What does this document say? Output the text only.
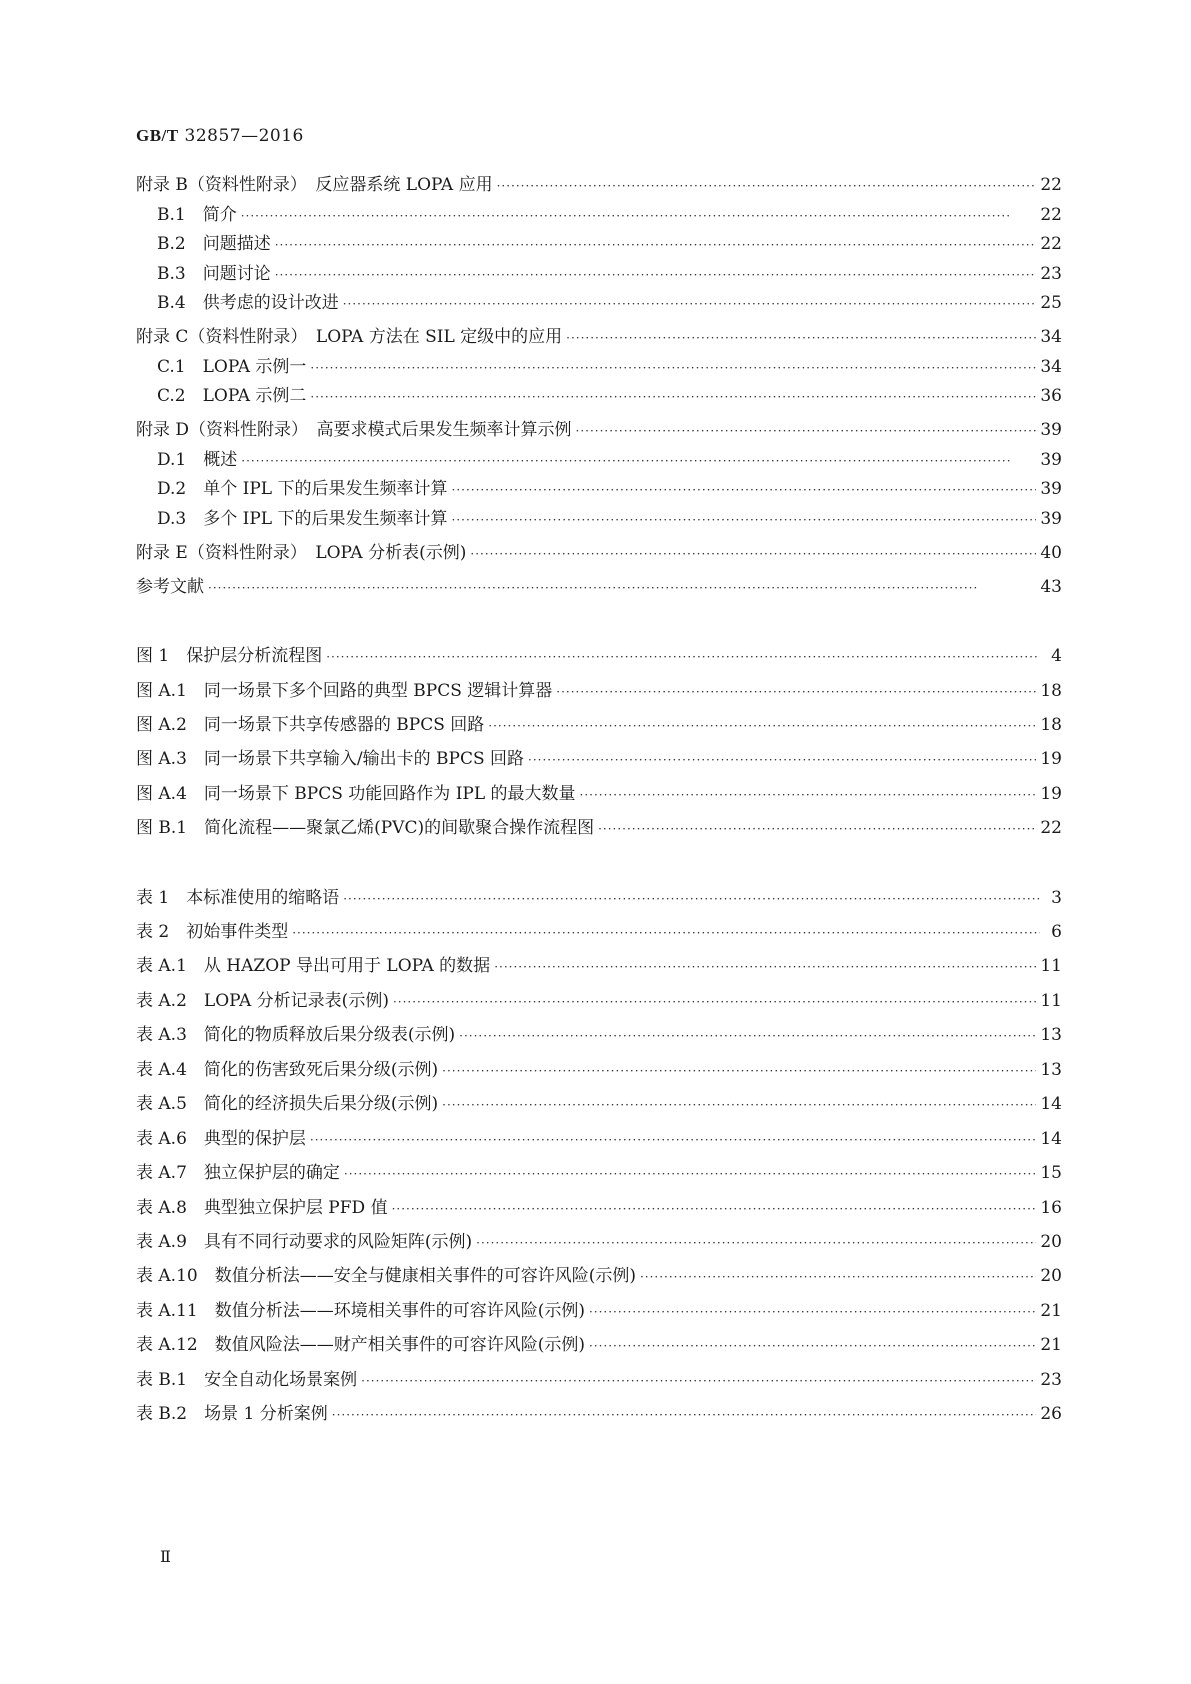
GB/T 32857—2016
附录 B（资料性附录）　反应器系统 LOPA 应用 ·····	22
B.1　简介 ·····	22
B.2　问题描述 ·····	22
B.3　问题讨论 ·····	23
B.4　供考虑的设计改进 ·····	25
附录 C（资料性附录）　LOPA 方法在 SIL 定级中的应用 ·····	34
C.1　LOPA 示例一 ·····	34
C.2　LOPA 示例二 ·····	36
附录 D（资料性附录）　高要求模式后果发生频率计算示例 ·····	39
D.1　概述 ·····	39
D.2　单个 IPL 下的后果发生频率计算 ·····	39
D.3　多个 IPL 下的后果发生频率计算 ·····	39
附录 E（资料性附录）　LOPA 分析表(示例) ·····	40
参考文献 ·····	43
图 1　保护层分析流程图 ·····	4
图 A.1　同一场景下多个回路的典型 BPCS 逻辑计算器 ·····	18
图 A.2　同一场景下共享传感器的 BPCS 回路 ·····	18
图 A.3　同一场景下共享输入/输出卡的 BPCS 回路 ·····	19
图 A.4　同一场景下 BPCS 功能回路作为 IPL 的最大数量 ·····	19
图 B.1　简化流程——聚氯乙烯(PVC)的间歇聚合操作流程图 ·····	22
表 1　本标准使用的缩略语 ·····	3
表 2　初始事件类型 ·····	6
表 A.1　从 HAZOP 导出可用于 LOPA 的数据 ·····	11
表 A.2　LOPA 分析记录表(示例) ·····	11
表 A.3　简化的物质释放后果分级表(示例) ·····	13
表 A.4　简化的伤害致死后果分级(示例) ·····	13
表 A.5　简化的经济损失后果分级(示例) ·····	14
表 A.6　典型的保护层 ·····	14
表 A.7　独立保护层的确定 ·····	15
表 A.8　典型独立保护层 PFD 值 ·····	16
表 A.9　具有不同行动要求的风险矩阵(示例) ·····	20
表 A.10　数值分析法——安全与健康相关事件的可容许风险(示例) ·····	20
表 A.11　数值分析法——环境相关事件的可容许风险(示例) ·····	21
表 A.12　数值风险法——财产相关事件的可容许风险(示例) ·····	21
表 B.1　安全自动化场景案例 ·····	23
表 B.2　场景 1 分析案例 ·····	26
Ⅱ
